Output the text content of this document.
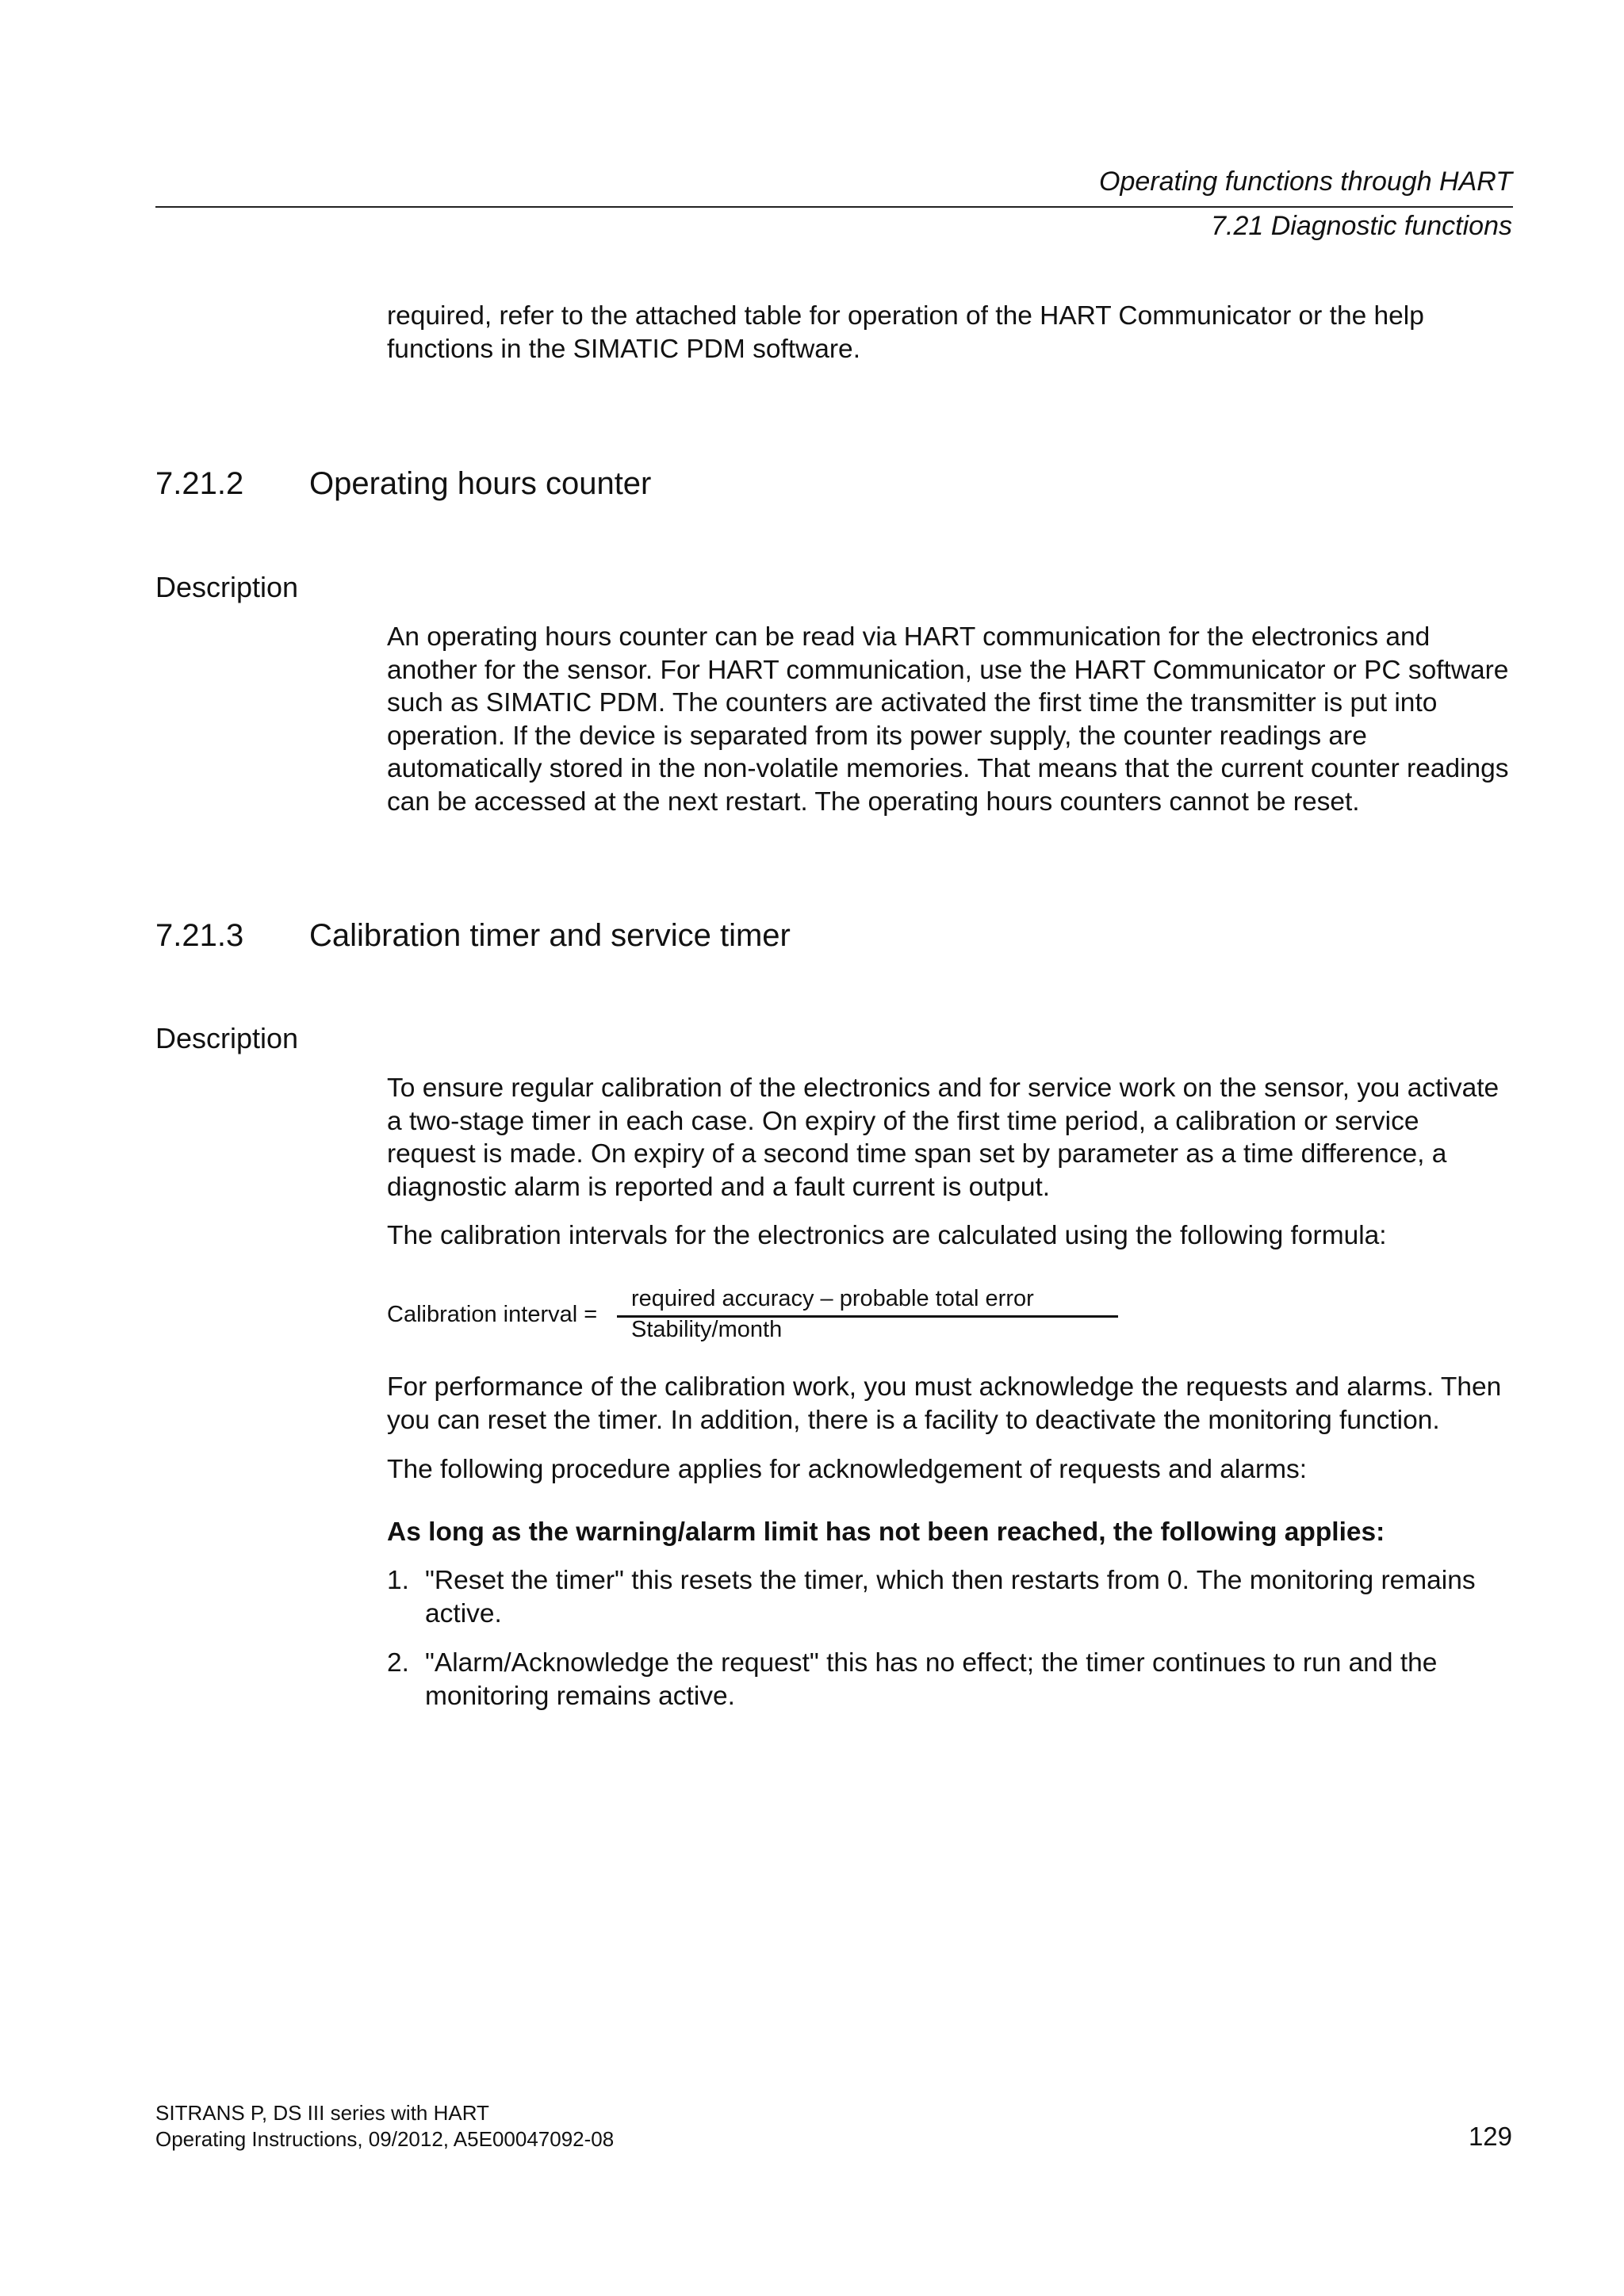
Operating functions through HART
7.21 Diagnostic functions
required, refer to the attached table for operation of the HART Communicator or the help functions in the SIMATIC PDM software.
7.21.2 Operating hours counter
Description
An operating hours counter can be read via HART communication for the electronics and another for the sensor. For HART communication, use the HART Communicator or PC software such as SIMATIC PDM. The counters are activated the first time the transmitter is put into operation. If the device is separated from its power supply, the counter readings are automatically stored in the non-volatile memories. That means that the current counter readings can be accessed at the next restart. The operating hours counters cannot be reset.
7.21.3 Calibration timer and service timer
Description
To ensure regular calibration of the electronics and for service work on the sensor, you activate a two-stage timer in each case. On expiry of the first time period, a calibration or service request is made. On expiry of a second time span set by parameter as a time difference, a diagnostic alarm is reported and a fault current is output.
The calibration intervals for the electronics are calculated using the following formula:
Calibration interval =
required accuracy – probable total error
Stability/month
For performance of the calibration work, you must acknowledge the requests and alarms. Then you can reset the timer. In addition, there is a facility to deactivate the monitoring function.
The following procedure applies for acknowledgement of requests and alarms:
As long as the warning/alarm limit has not been reached, the following applies:
1. "Reset the timer" this resets the timer, which then restarts from 0. The monitoring remains active.
2. "Alarm/Acknowledge the request" this has no effect; the timer continues to run and the monitoring remains active.
SITRANS P, DS III series with HART
Operating Instructions, 09/2012, A5E00047092-08	129
